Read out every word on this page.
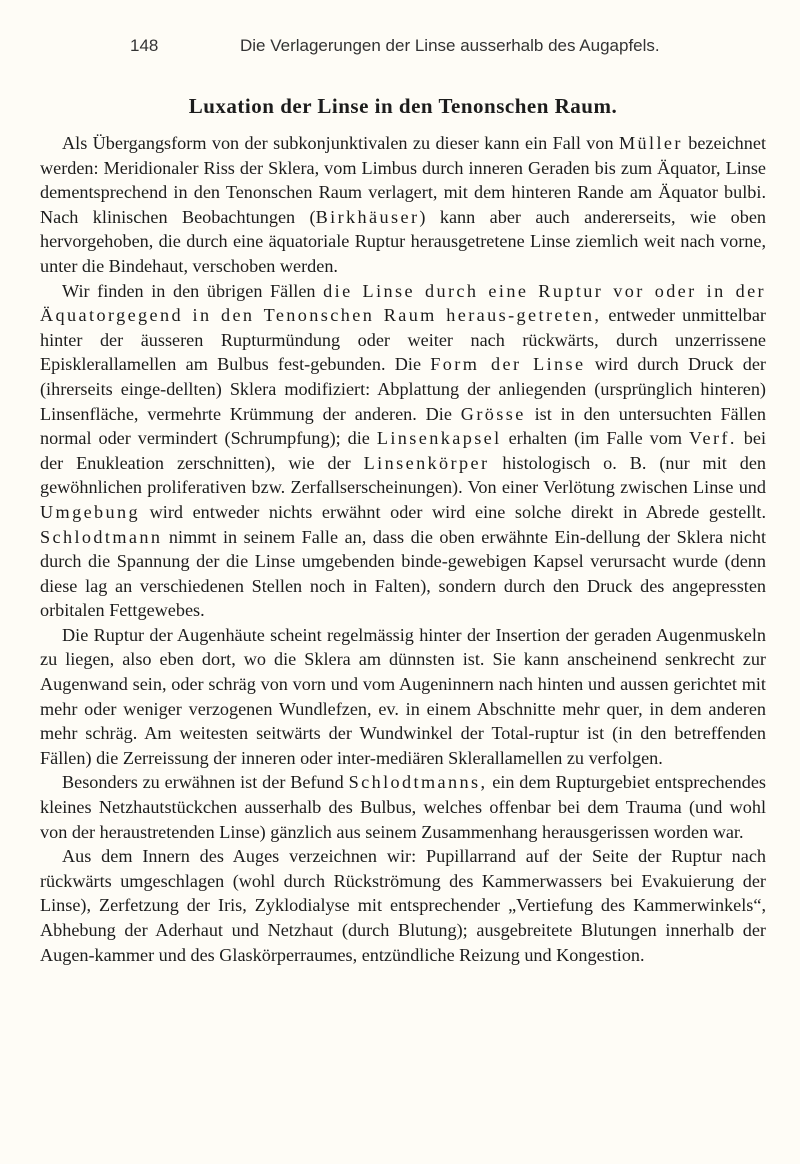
148	Die Verlagerungen der Linse ausserhalb des Augapfels.
Luxation der Linse in den Tenonschen Raum.

Als Übergangsform von der subkonjunktivalen zu dieser kann ein Fall von Müller bezeichnet werden: Meridionaler Riss der Sklera, vom Limbus durch inneren Geraden bis zum Äquator, Linse dementsprechend in den Tenonschen Raum verlagert, mit dem hinteren Rande am Äquator bulbi. Nach klinischen Beobachtungen (Birkhäuser) kann aber auch andererseits, wie oben hervorgehoben, die durch eine äquatoriale Ruptur herausgetretene Linse ziemlich weit nach vorne, unter die Bindehaut, verschoben werden.

Wir finden in den übrigen Fällen die Linse durch eine Ruptur vor oder in der Äquatorgegend in den Tenonschen Raum heraus-getreten, entweder unmittelbar hinter der äusseren Rupturmündung oder weiter nach rückwärts, durch unzerrissene Episklerallamellen am Bulbus fest-gebunden. Die Form der Linse wird durch Druck der (ihrerseits einge-dellten) Sklera modifiziert: Abplattung der anliegenden (ursprünglich hinteren) Linsenfläche, vermehrte Krümmung der anderen. Die Grösse ist in den untersuchten Fällen normal oder vermindert (Schrumpfung); die Linsenkapsel erhalten (im Falle vom Verf. bei der Enukleation zerschnitten), wie der Linsenkörper histologisch o. B. (nur mit den gewöhnlichen proliferativen bzw. Zerfallserscheinungen). Von einer Verlötung zwischen Linse und Umgebung wird entweder nichts erwähnt oder wird eine solche direkt in Abrede gestellt. Schlodtmann nimmt in seinem Falle an, dass die oben erwähnte Ein-dellung der Sklera nicht durch die Spannung der die Linse umgebenden binde-gewebigen Kapsel verursacht wurde (denn diese lag an verschiedenen Stellen noch in Falten), sondern durch den Druck des angepressten orbitalen Fettgewebes.

Die Ruptur der Augenhäute scheint regelmässig hinter der Insertion der geraden Augenmuskeln zu liegen, also eben dort, wo die Sklera am dünnsten ist. Sie kann anscheinend senkrecht zur Augenwand sein, oder schräg von vorn und vom Augeninnern nach hinten und aussen gerichtet mit mehr oder weniger verzogenen Wundlefzen, ev. in einem Abschnitte mehr quer, in dem anderen mehr schräg. Am weitesten seitwärts der Wundwinkel der Total-ruptur ist (in den betreffenden Fällen) die Zerreissung der inneren oder inter-mediären Sklerallamellen zu verfolgen.

Besonders zu erwähnen ist der Befund Schlodtmanns, ein dem Rupturgebiet entsprechendes kleines Netzhautstückchen ausserhalb des Bulbus, welches offenbar bei dem Trauma (und wohl von der heraustretenden Linse) gänzlich aus seinem Zusammenhang herausgerissen worden war.

Aus dem Innern des Auges verzeichnen wir: Pupillarrand auf der Seite der Ruptur nach rückwärts umgeschlagen (wohl durch Rückströmung des Kammerwassers bei Evakuierung der Linse), Zerfetzung der Iris, Zyklodialyse mit entsprechender „Vertiefung des Kammerwinkels“, Abhebung der Aderhaut und Netzhaut (durch Blutung); ausgebreitete Blutungen innerhalb der Augen-kammer und des Glaskörperraumes, entzündliche Reizung und Kongestion.
